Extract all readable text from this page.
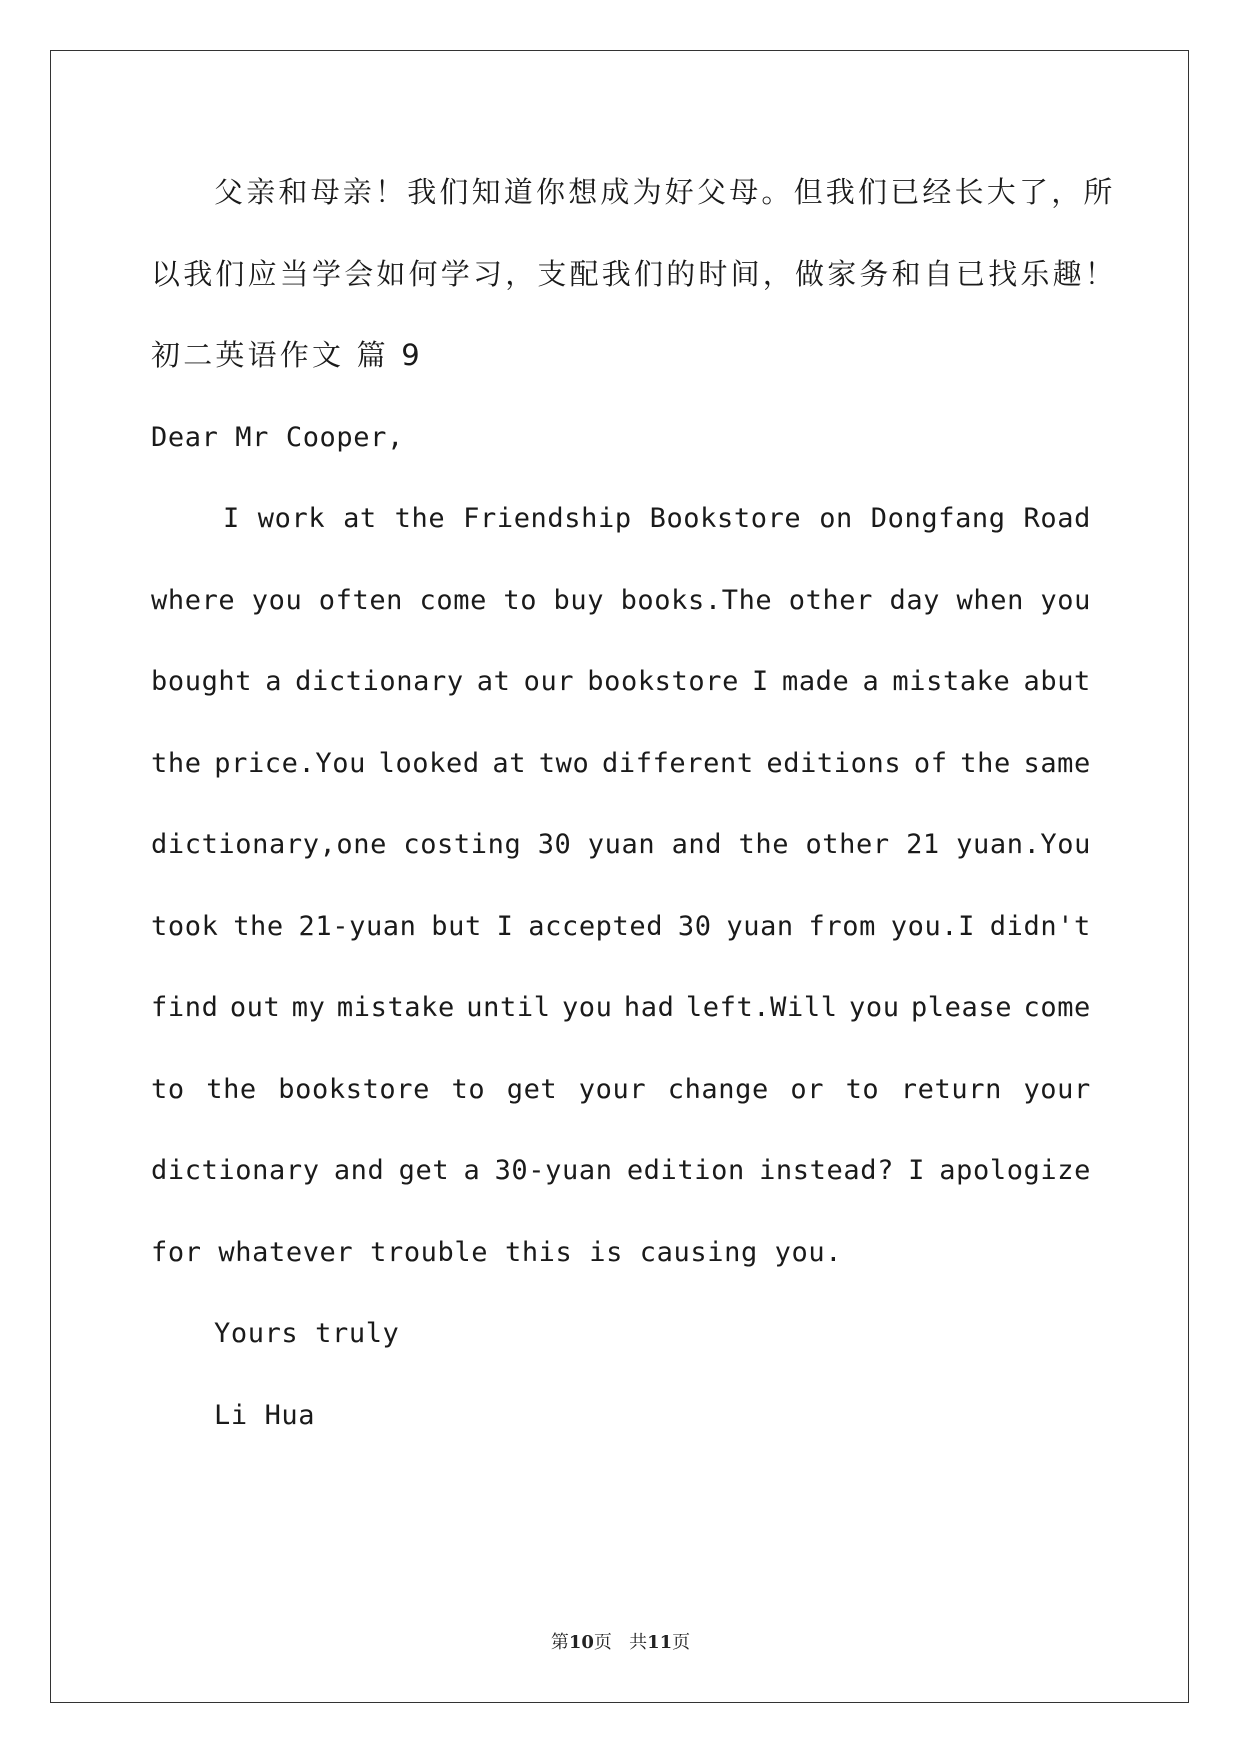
父亲和母亲！我们知道你想成为好父母。但我们已经长大了，所
以我们应当学会如何学习，支配我们的时间，做家务和自已找乐趣！
初二英语作文 篇 9
Dear Mr Cooper,
I work at the Friendship Bookstore on Dongfang Road
where you often come to buy books.The other day when you
bought a dictionary at our bookstore I made a mistake abut
the price.You looked at two different editions of the same
dictionary,one costing 30 yuan and the other 21 yuan.You
took the 21-yuan but I accepted 30 yuan from you.I didn't
find out my mistake until you had left.Will you please come
to the bookstore to get your change or to return your
dictionary and get a 30-yuan edition instead? I apologize
for whatever trouble this is causing you.
Yours truly
Li Hua
第10页 共11页
